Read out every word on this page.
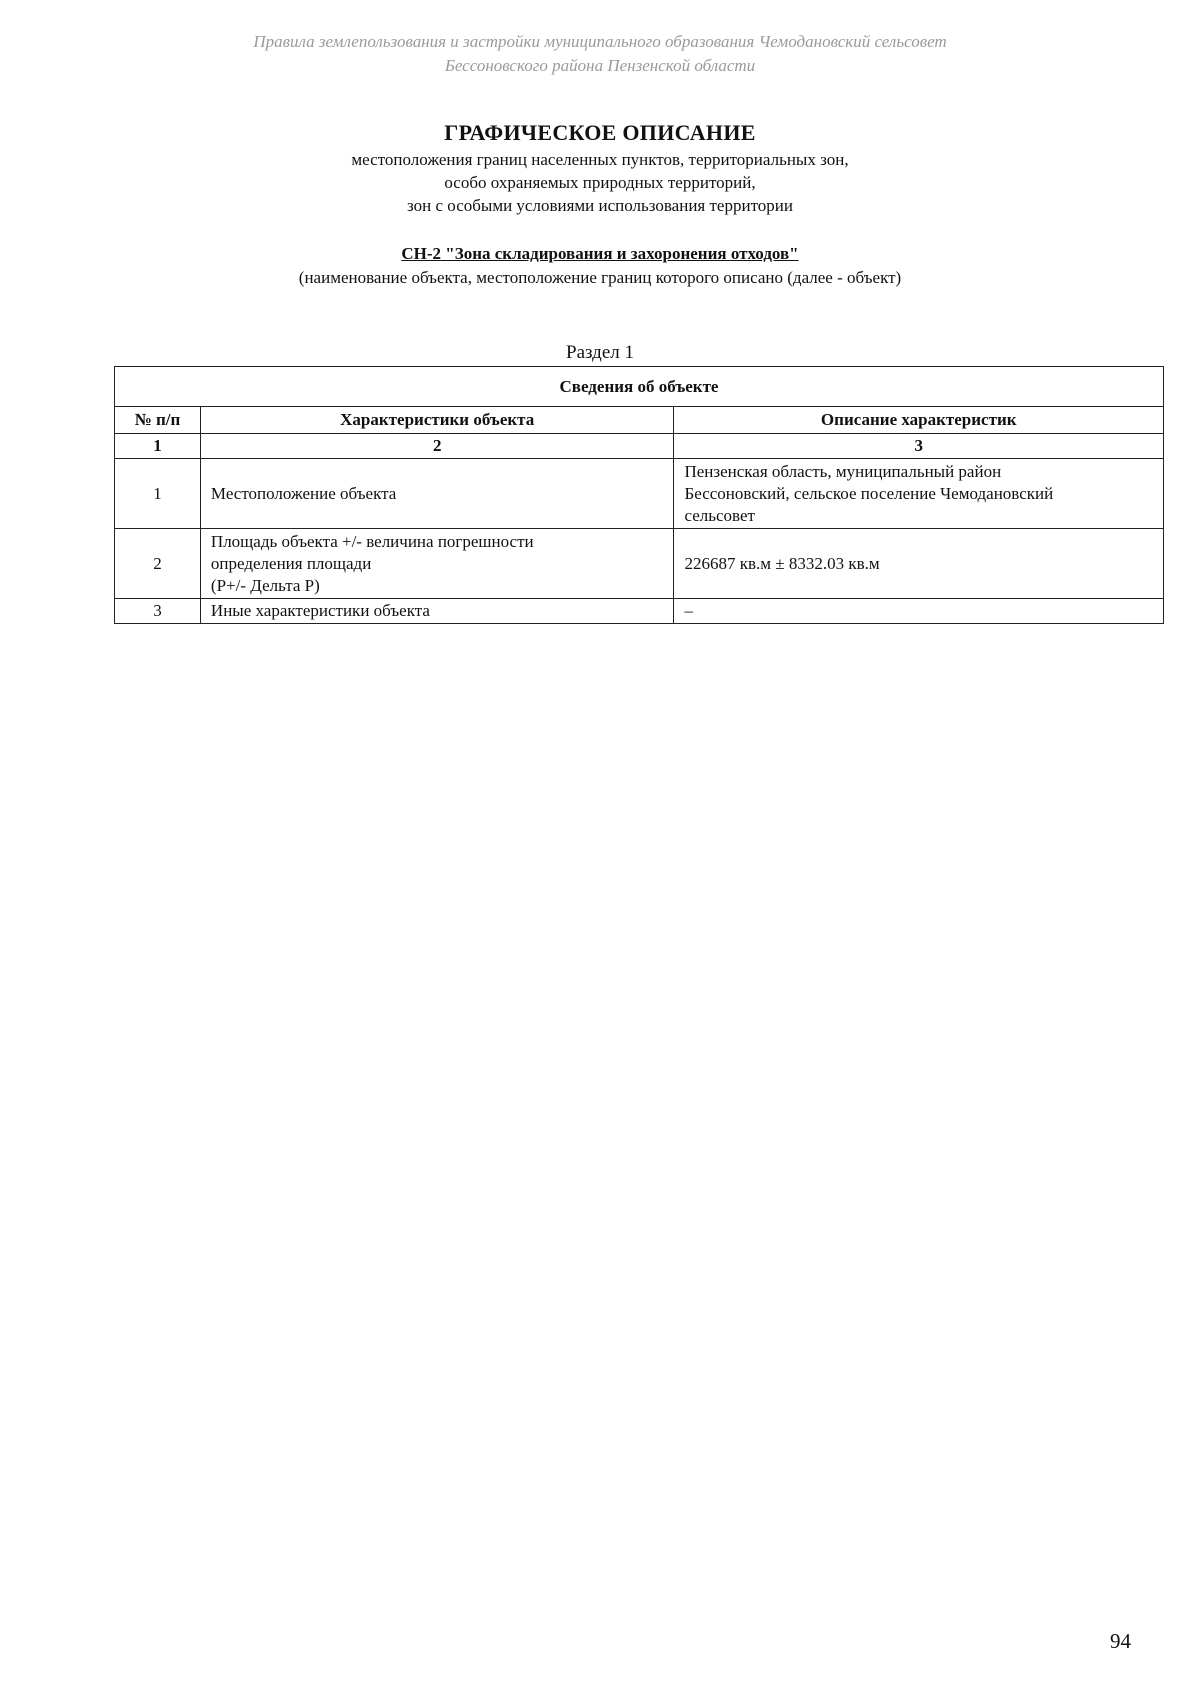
Правила землепользования и застройки муниципального образования Чемодановский сельсовет
Бессоновского района Пензенской области
ГРАФИЧЕСКОЕ ОПИСАНИЕ
местоположения границ населенных пунктов, территориальных зон,
особо охраняемых природных территорий,
зон с особыми условиями использования территории
СН-2 "Зона складирования и захоронения отходов"
(наименование объекта, местоположение границ которого описано (далее - объект)
Раздел 1
Сведения об объекте		
№ п/п	Характеристики объекта	Описание характеристик
1	2	3
1	Местоположение объекта	Пензенская область, муниципальный район
Бессоновский, сельское поселение Чемодановский
сельсовет

2	Площадь объекта +/- величина погрешности
определения площади
(Р+/- Дельта Р)	226687 кв.м ± 8332.03 кв.м

3	Иные характеристики объекта	–
94
